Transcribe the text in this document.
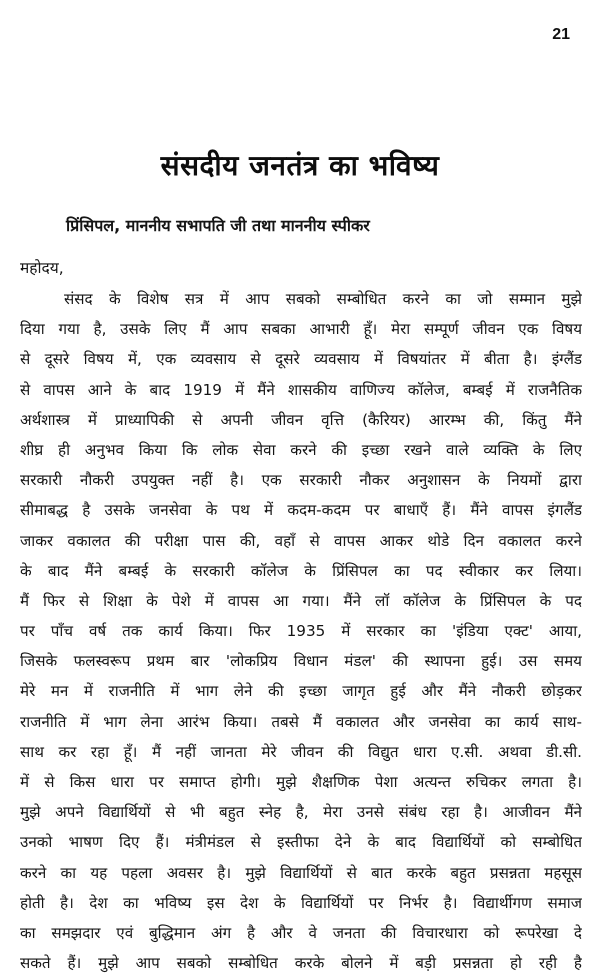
21
संसदीय जनतंत्र का भविष्य
प्रिंसिपल, माननीय सभापति जी तथा माननीय स्पीकर
महोदय,
संसद के विशेष सत्र में आप सबको सम्बोधित करने का जो सम्मान मुझे
दिया गया है, उसके लिए मैं आप सबका आभारी हूँ। मेरा सम्पूर्ण जीवन एक विषय
से दूसरे विषय में, एक व्यवसाय से दूसरे व्यवसाय में विषयांतर में बीता है। इंग्लैंड
से वापस आने के बाद 1919 में मैंने शासकीय वाणिज्य कॉलेज, बम्बई में राजनैतिक
अर्थशास्त्र में प्राध्यापिकी से अपनी जीवन वृत्ति (कैरियर) आरम्भ की, किंतु मैंने
शीघ्र ही अनुभव किया कि लोक सेवा करने की इच्छा रखने वाले व्यक्ति के लिए
सरकारी नौकरी उपयुक्त नहीं है। एक सरकारी नौकर अनुशासन के नियमों द्वारा
सीमाबद्ध है उसके जनसेवा के पथ में कदम-कदम पर बाधाएँ हैं। मैंने वापस इंगलैंड
जाकर वकालत की परीक्षा पास की, वहाँ से वापस आकर थोडे दिन वकालत करने
के बाद मैंने बम्बई के सरकारी कॉलेज के प्रिंसिपल का पद स्वीकार कर लिया।
मैं फिर से शिक्षा के पेशे में वापस आ गया। मैंने लॉ कॉलेज के प्रिंसिपल के पद
पर पाँच वर्ष तक कार्य किया। फिर 1935 में सरकार का 'इंडिया एक्ट' आया,
जिसके फलस्वरूप प्रथम बार 'लोकप्रिय विधान मंडल' की स्थापना हुई। उस समय
मेरे मन में राजनीति में भाग लेने की इच्छा जागृत हुई और मैंने नौकरी छोड़कर
राजनीति में भाग लेना आरंभ किया। तबसे मैं वकालत और जनसेवा का कार्य साथ-
साथ कर रहा हूँ। मैं नहीं जानता मेरे जीवन की विद्युत धारा ए.सी. अथवा डी.सी.
में से किस धारा पर समाप्त होगी। मुझे शैक्षणिक पेशा अत्यन्त रुचिकर लगता है।
मुझे अपने विद्यार्थियों से भी बहुत स्नेह है, मेरा उनसे संबंध रहा है। आजीवन मैंने
उनको भाषण दिए हैं। मंत्रीमंडल से इस्तीफा देने के बाद विद्यार्थियों को सम्बोधित
करने का यह पहला अवसर है। मुझे विद्यार्थियों से बात करके बहुत प्रसन्नता महसूस
होती है। देश का भविष्य इस देश के विद्यार्थियों पर निर्भर है। विद्यार्थीगण समाज
का समझदार एवं बुद्धिमान अंग है और वे जनता की विचारधारा को रूपरेखा दे
सकते हैं। मुझे आप सबको सम्बोधित करके बोलने में बड़ी प्रसन्नता हो रही है
